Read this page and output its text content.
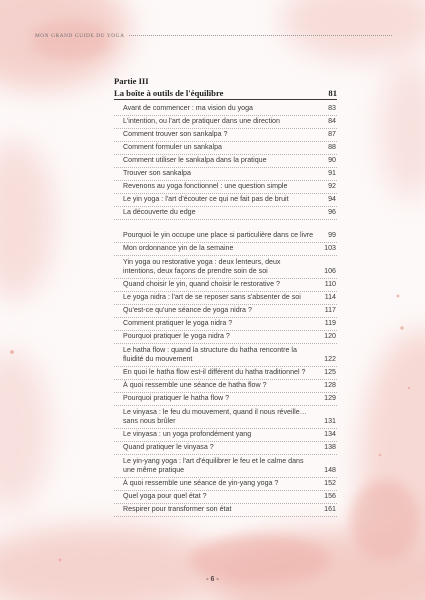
MON GRAND GUIDE DU YOGA
Partie III
La boîte à outils de l'équilibre	81
Avant de commencer : ma vision du yoga	83
L'intention, ou l'art de pratiquer dans une direction	84
Comment trouver son sankalpa ?	87
Comment formuler un sankalpa	88
Comment utiliser le sankalpa dans la pratique	90
Trouver son sankalpa	91
Revenons au yoga fonctionnel : une question simple	92
Le yin yoga : l'art d'écouter ce qui ne fait pas de bruit	94
La découverte du edge	96
Pourquoi le yin occupe une place si particulière dans ce livre	99
Mon ordonnance yin de la semaine	103
Yin yoga ou restorative yoga : deux lenteurs, deux intentions, deux façons de prendre soin de soi	106
Quand choisir le yin, quand choisir le restorative ?	110
Le yoga nidra : l'art de se reposer sans s'absenter de soi	114
Qu'est-ce qu'une séance de yoga nidra ?	117
Comment pratiquer le yoga nidra ?	119
Pourquoi pratiquer le yoga nidra ?	120
Le hatha flow : quand la structure du hatha rencontre la fluidité du mouvement	122
En quoi le hatha flow est-il différent du hatha traditionnel ?	125
À quoi ressemble une séance de hatha flow ?	128
Pourquoi pratiquer le hatha flow ?	129
Le vinyasa : le feu du mouvement, quand il nous réveille… sans nous brûler	131
Le vinyasa : un yoga profondément yang	134
Quand pratiquer le vinyasa ?	138
Le yin-yang yoga : l'art d'équilibrer le feu et le calme dans une même pratique	148
À quoi ressemble une séance de yin-yang yoga ?	152
Quel yoga pour quel état ?	156
Respirer pour transformer son état	161
- 6 -
